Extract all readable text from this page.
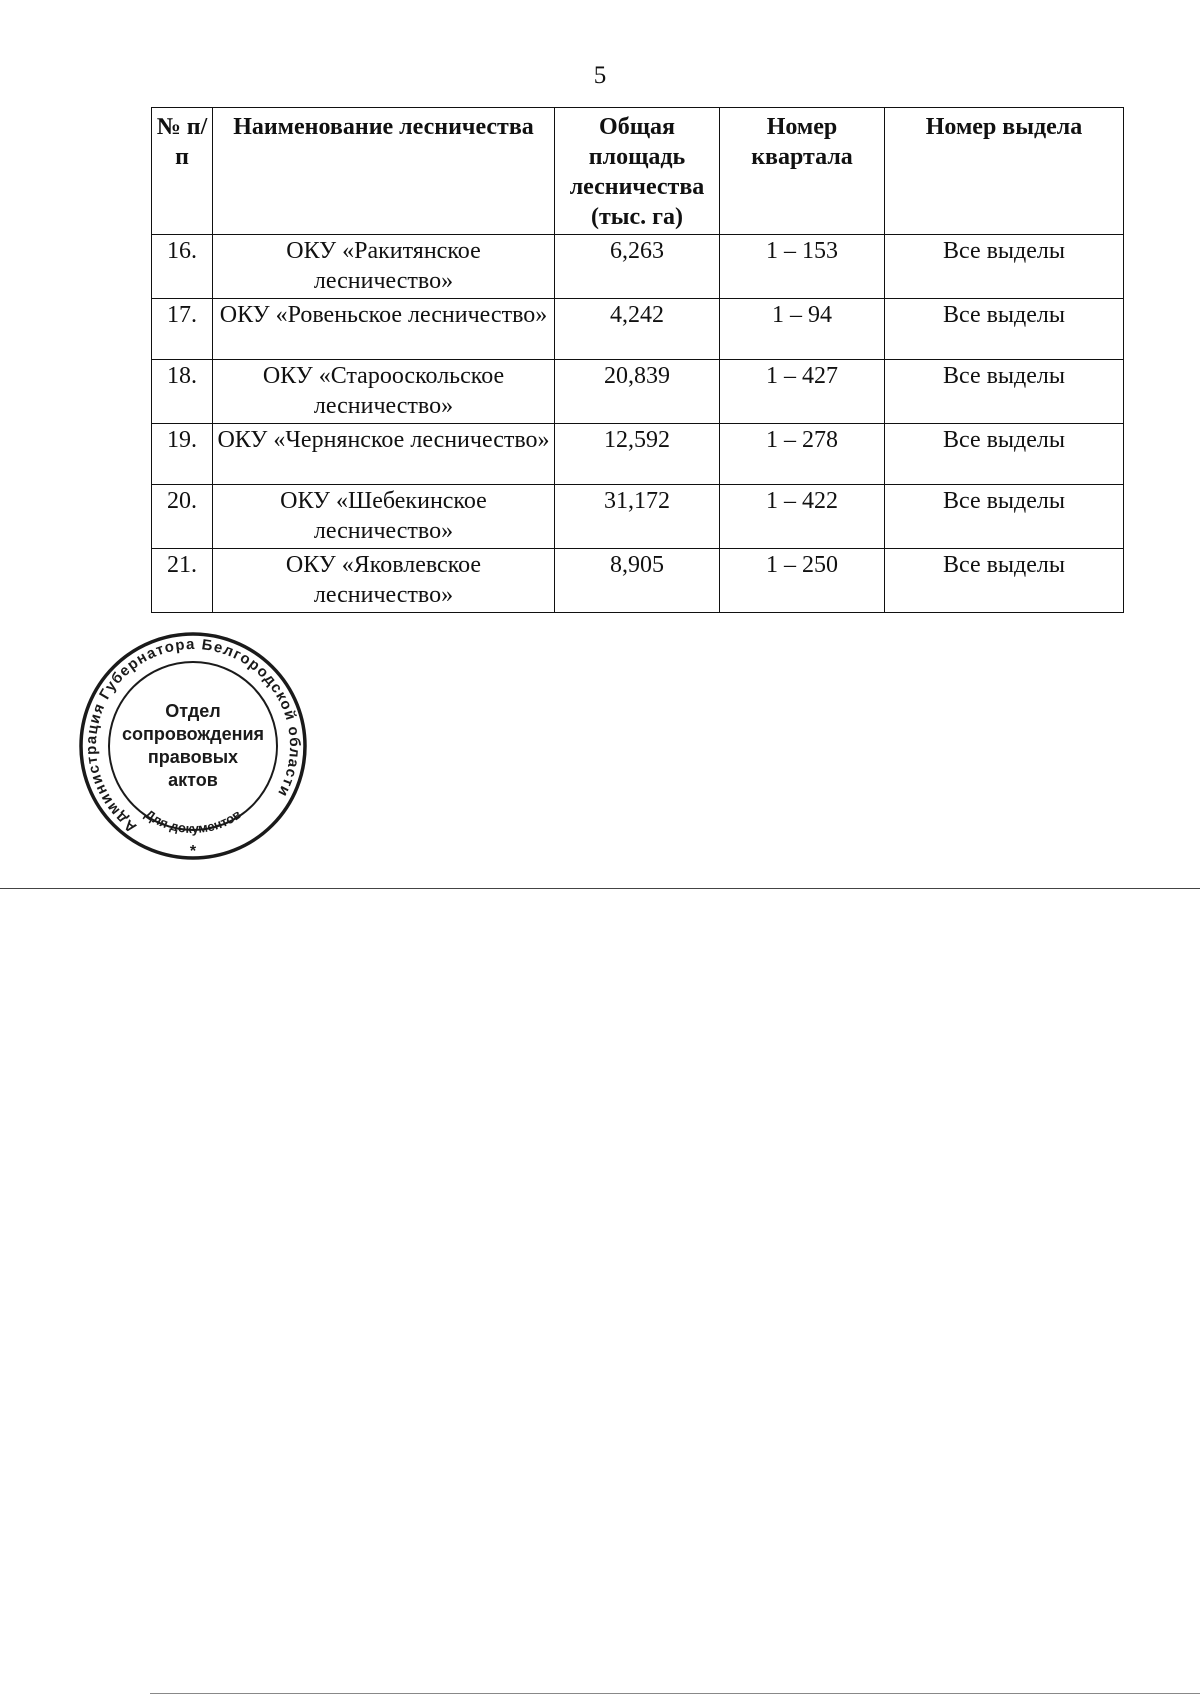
5
№ п/п	Наименование лесничества	Общая площадь лесничества (тыс. га)	Номер квартала	Номер выдела
16.	ОКУ «Ракитянское лесничество»	6,263	1 – 153	Все выделы
17.	ОКУ «Ровеньское лесничество»	4,242	1 – 94	Все выделы
18.	ОКУ «Старооскольское лесничество»	20,839	1 – 427	Все выделы
19.	ОКУ «Чернянское лесничество»	12,592	1 – 278	Все выделы
20.	ОКУ «Шебекинское лесничество»	31,172	1 – 422	Все выделы
21.	ОКУ «Яковлевское лесничество»	8,905	1 – 250	Все выделы
Администрация Губернатора Белгородской области
Для документов
*
Отдел
сопровождения
правовых
актов
